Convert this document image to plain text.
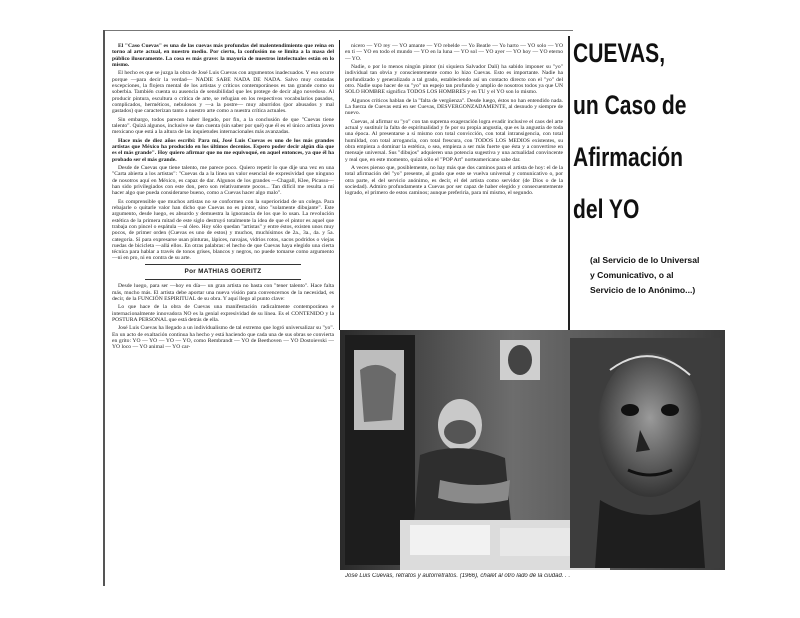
El "Caso Cuevas" es una de las cuevas más profundas del malentendimiento que reina en torno al arte actual, en nuestro medio. Por cierto, la confusión no se limita a la masa del público ilusoramente. La cosa es más grave: la mayoría de nuestros intelectuales están en lo mismo.

El hecho es que se juzga la obra de José Luis Cuevas con argumentos inadecuados. Y eso ocurre porque —para decir la verdad— NADIE SABE NADA DE NADA. Salvo muy contadas excepciones, la flojera mental de los artistas y críticos contemporáneos es tan grande como su soberbia. También cuenta su ausencia de sensibilidad que les protege de decir algo novedoso. Al producir pintura, escultura o crítica de arte, se refugian en los respectivos vocabularios pasados, complicados, herméticos, nebulosos y —a la postre— muy aburridos (por abusados y mal gastados) que caracterizan tanto a nuestro arte como a nuestra crítica actuales.

Sin embargo, todos parecen haber llegado, por fin, a la conclusión de que "Cuevas tiene talento". Quizá algunos, inclusive se dan cuenta (sin saber por qué) que él es el único artista joven mexicano que está a la altura de las inquietudes internacionales más avanzadas.

Hace más de diez años escribí: Para mí, José Luis Cuevas es uno de los más grandes artistas que México ha producido en los últimos decenios. Espero poder decir algún día que es el más grande". Hoy quiero afirmar que no me equivoqué, en aquel entonces, ya que él ha probado ser el más grande.

Desde de Cuevas que tiene talento, me parece poco. Quiero repetir lo que dije una vez en una "Carta abierta a los artistas": "Cuevas da a la línea un valor esencial de expresividad que ninguno de nosotros aquí en México, es capaz de dar. Algunos de los grandes —Chagall, Klee, Picasso— han sido privilegiados con este don, pero son relativamente pocos... Tan difícil me resulta a mí hacer algo que pueda considerarse bueno, como a Cuevas hacer algo malo".

Es comprensible que muchos artistas no se conformen con la superioridad de un colega. Para rebajarle o quitarle valor han dicho que Cuevas no es pintor, sino "solamente dibujante". Este argumento, desde luego, es absurdo y demuestra la ignorancia de los que lo usan. La revolución estética de la primera mitad de este siglo destruyó totalmente la idea de que el pintor es aquel que trabaja con pincel o espátula —al óleo. Hoy sólo quedan "artistas" y entre éstos, existen unos muy pocos, de primer orden (Cuevas es uno de estos) y muchos, muchísimos de 2a., 3a., 4a. y 5a. categoría. Sí para expresarse usan pinturas, lápices, navajas, vidrios rotos, sacos podridos o viejas ruedas de bicicleta —allá ellos. En otras palabras: el hecho de que Cuevas haya elegido una cierta técnica para hablar a través de tonos grises, blancos y negros, no puede tomarse como argumento —ni en pro, ni en contra de su arte.

Por MATHIAS GOERITZ

Desde luego, para ser —hoy en día— un gran artista no basta con "tener talento". Hace falta más, mucho más. El artista debe aportar una nueva visión para convencernos de la necesidad, es decir, de la FUNCIÓN ESPIRITUAL de su obra. Y aquí llego al punto clave:

Lo que hace de la obra de Cuevas una manifestación radicalmente contemporánea e internacionalmente innovadora NO es la genial expresividad de su línea. Es el CONTENIDO y la POSTURA PERSONAL que está detrás de ella.

José Luis Cuevas ha llegado a un individualismo de tal extremo que logró universalizar su "yo". En un acto de exaltación continua ha hecho y está haciendo que cada una de sus obras se convierta en grito: YO — YO — YO — YO, como Rembrandt — YO de Beethoven — YO Dostoievski — YO loco — YO animal — YO car-

nicero — YO rey — YO amante — YO rebelde — Yo Beatle — Yo harto — YO solo — YO en ti — YO en todo el mundo — YO en la luna — YO sol — YO ayer — YO hoy — YO eterno — YO.

Nadie, o por lo menos ningún pintor (ni siquiera Salvador Dalí) ha sabido imponer su "yo" individual tan obvia y conscientemente como lo hizo Cuevas. Esto es importante. Nadie ha profundizado y generalizado a tal grado, estableciendo así un contacto directo con el "yo" del otro. Nadie supo hacer de su "yo" un espejo tan profundo y amplio de nosotros todos ya que UN SOLO HOMBRE significa TODOS LOS HOMBRES y en TU y el YO son lo mismo.

Algunos críticos hablan de la "falta de vergüenza". Desde luego, éstos no han entendido nada. La fuerza de Cuevas está en ser Cuevas, DESVERGONZADAMENTE, al desnudo y siempre de nuevo.

Cuevas, al afirmar su "yo" con tan suprema exageración logra evadir inclusive el caos del arte actual y sustituir la falta de espiritualidad y fe por su propia angustia, que es la angustia de toda una época. Al presentarse a sí mismo con total convicción, con total intransigencia, con total humildad, con total arrogancia, con total frescura, con TODOS LOS MEDIOS existentes, su obra empieza a dominar la estética, o sea, empieza a ser más fuerte que ésta y a convertirse en mensaje universal. Sus "dibujos" adquieren una potencia sugestiva y una actualidad convincente y real que, en este momento, quizá sólo el "POP Art" norteamericano sabe dar.

A veces pienso que, posiblemente, no hay más que dos caminos para el artista de hoy: el de la total afirmación del "yo" presente, al grado que este se vuelva universal y comunicativo o, por otra parte, el del servicio anónimo, es decir, el del artista como servidor (de Dios o de la sociedad). Admiro profundamente a Cuevas por ser capaz de haber elegido y consecuentemente logrado, el primero de estos caminos; aunque preferiría, para mí mismo, el segundo.

CUEVAS,
un Caso de
Afirmación
del YO
(al Servicio de lo Universal y Comunicativo, o al Servicio de lo Anónimo...)
José Luis Cuevas, retratos y autorretratos. (1966), chalet al otro lado de la ciudad. . .
